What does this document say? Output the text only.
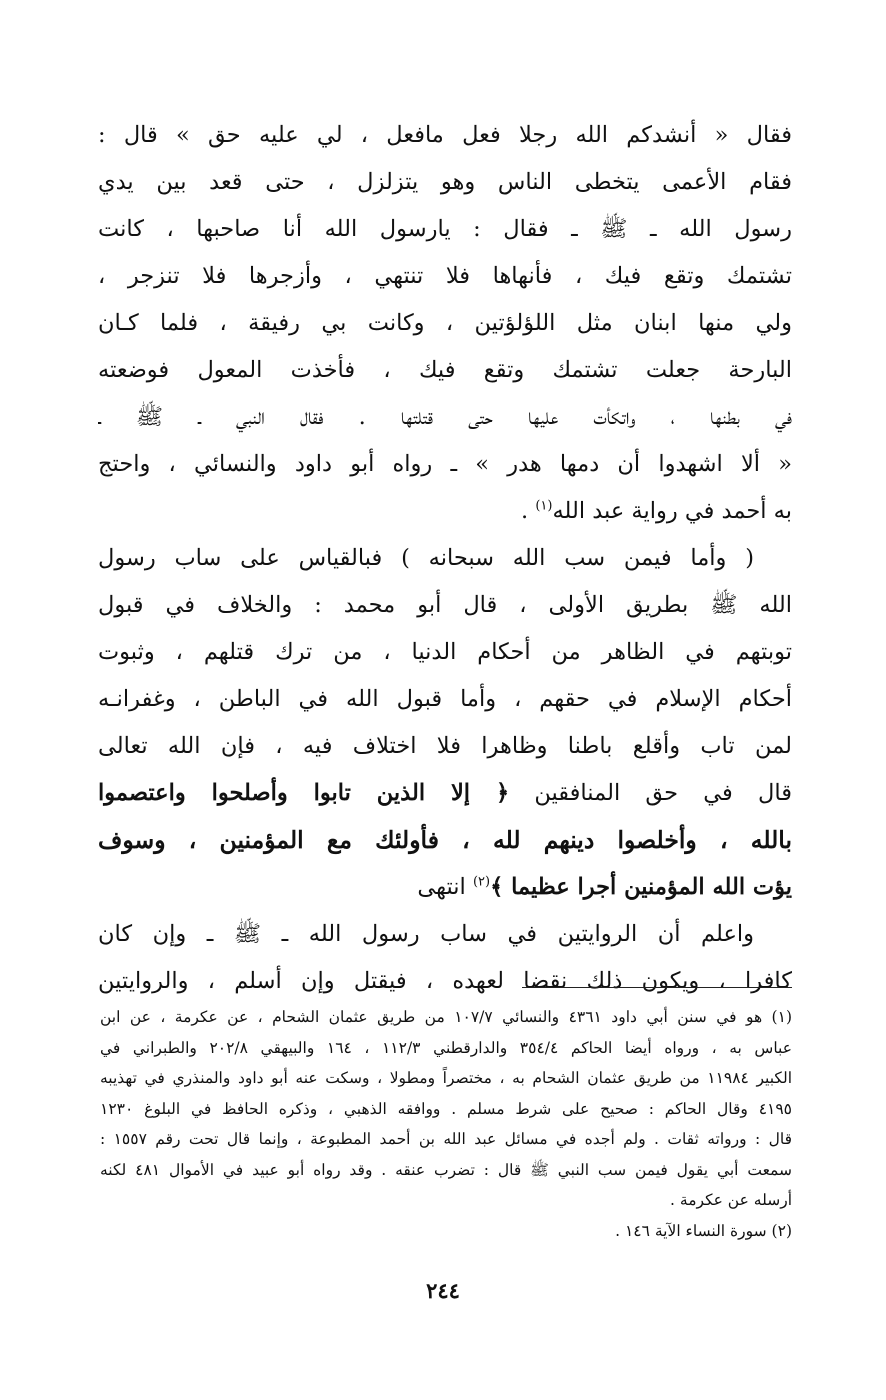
فقال « أنشدكم الله رجلا فعل مافعل ، لي عليه حق » قال :
فقام الأعمى يتخطى الناس وهو يتزلزل ، حتى قعد بين يدي
رسول الله ـ ﷺ ـ فقال : يارسول الله أنا صاحبها ، كانت
تشتمك وتقع فيك ، فأنهاها فلا تنتهي ، وأزجرها فلا تنزجر ،
ولي منها ابنان مثل اللؤلؤتين ، وكانت بي رفيقة ، فلما كـان
البارحة جعلت تشتمك وتقع فيك ، فأخذت المعول فوضعته
في بطنها ، واتكأت عليها حتى قتلتها . فقال النبي ـ ﷺ ـ
« ألا اشهدوا أن دمها هدر » ـ رواه أبو داود والنسائي ، واحتج
به أحمد في رواية عبد الله$^{(١)}$ .
( وأما فيمن سب الله سبحانه ) فبالقياس على ساب رسول
الله ﷺ بطريق الأولى ، قال أبو محمد : والخلاف في قبول
توبتهم في الظاهر من أحكام الدنيا ، من ترك قتلهم ، وثبوت
أحكام الإسلام في حقهم ، وأما قبول الله في الباطن ، وغفرانـه
لمن تاب وأقلع باطنا وظاهرا فلا اختلاف فيه ، فإن الله تعالى
قال في حق المنافقين ﴿ إلا الذين تابوا وأصلحوا واعتصموا
بالله ، وأخلصوا دينهم لله ، فأولئك مع المؤمنين ، وسوف
يؤت الله المؤمنين أجرا عظيما ﴾$^{(٢)}$ انتهى
واعلم أن الروايتين في ساب رسول الله ـ ﷺ ـ وإن كان
كافرا ، ويكون ذلك نقضا لعهده ، فيقتل وإن أسلم ، والروايتين
(١) هو في سنن أبي داود ٤٣٦١ والنسائي ١٠٧/٧ من طريق عثمان الشحام ، عن عكرمة ، عن ابن
عباس به ، ورواه أيضا الحاكم ٣٥٤/٤ والدارقطني ١١٢/٣ ، ١٦٤ والبيهقي ٢٠٢/٨ والطبراني في
الكبير ١١٩٨٤ من طريق عثمان الشحام به ، مختصراً ومطولا ، وسكت عنه أبو داود والمنذري في تهذيبه
٤١٩٥ وقال الحاكم : صحيح على شرط مسلم . ووافقه الذهبي ، وذكره الحافظ في البلوغ ١٢٣٠
قال : ورواته ثقات . ولم أجده في مسائل عبد الله بن أحمد المطبوعة ، وإنما قال تحت رقم ١٥٥٧ :
سمعت أبي يقول فيمن سب النبي ﷺ قال : تضرب عنقه . وقد رواه أبو عبيد في الأموال ٤٨١ لكنه
أرسله عن عكرمة .
(٢) سورة النساء الآية ١٤٦ .
٢٤٤
